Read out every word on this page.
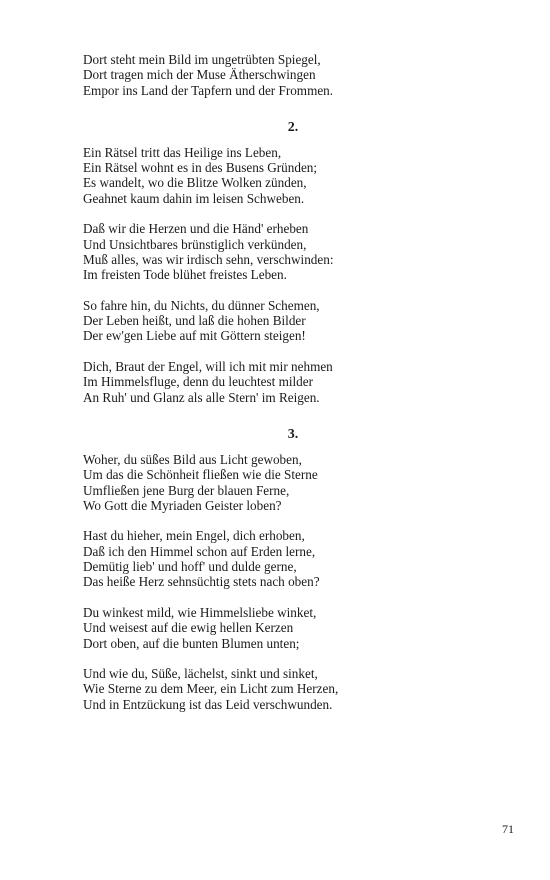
Dort steht mein Bild im ungetrübten Spiegel,
Dort tragen mich der Muse Ätherschwingen
Empor ins Land der Tapfern und der Frommen.
2.
Ein Rätsel tritt das Heilige ins Leben,
Ein Rätsel wohnt es in des Busens Gründen;
Es wandelt, wo die Blitze Wolken zünden,
Geahnet kaum dahin im leisen Schweben.
Daß wir die Herzen und die Händ' erheben
Und Unsichtbares brünstiglich verkünden,
Muß alles, was wir irdisch sehn, verschwinden:
Im freisten Tode blühet freistes Leben.
So fahre hin, du Nichts, du dünner Schemen,
Der Leben heißt, und laß die hohen Bilder
Der ew'gen Liebe auf mit Göttern steigen!
Dich, Braut der Engel, will ich mit mir nehmen
Im Himmelsfluge, denn du leuchtest milder
An Ruh' und Glanz als alle Stern' im Reigen.
3.
Woher, du süßes Bild aus Licht gewoben,
Um das die Schönheit fließen wie die Sterne
Umfließen jene Burg der blauen Ferne,
Wo Gott die Myriaden Geister loben?
Hast du hieher, mein Engel, dich erhoben,
Daß ich den Himmel schon auf Erden lerne,
Demütig lieb' und hoff' und dulde gerne,
Das heiße Herz sehnsüchtig stets nach oben?
Du winkest mild, wie Himmelsliebe winket,
Und weisest auf die ewig hellen Kerzen
Dort oben, auf die bunten Blumen unten;
Und wie du, Süße, lächelst, sinkt und sinket,
Wie Sterne zu dem Meer, ein Licht zum Herzen,
Und in Entzückung ist das Leid verschwunden.
71
